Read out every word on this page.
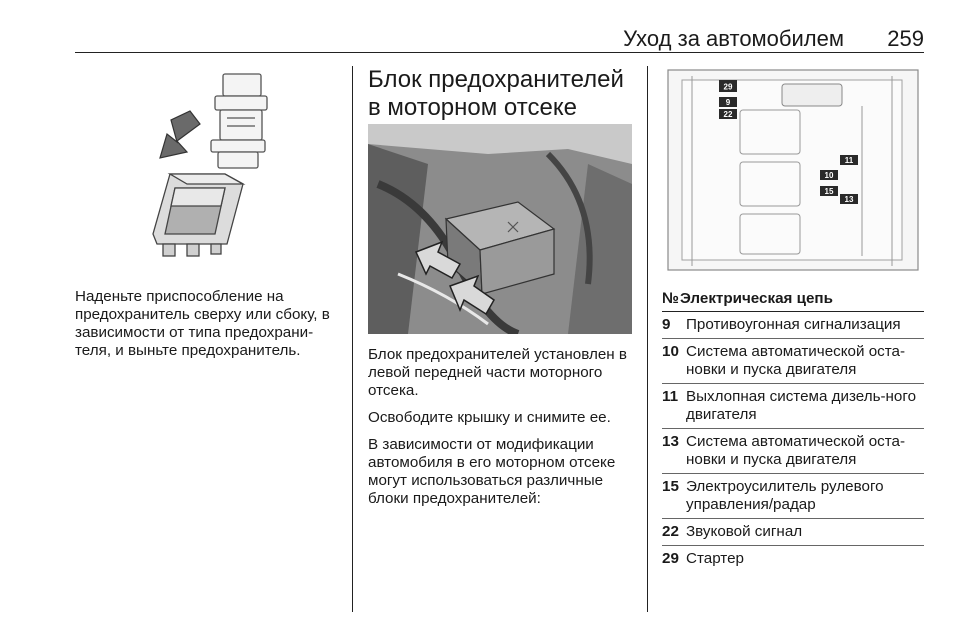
Уход за автомобилем 259

Наденьте приспособление на предохранитель сверху или сбоку, в зависимости от типа предохрани-теля, и выньте предохранитель.

Блок предохранителей в моторном отсеке

Блок предохранителей установлен в левой передней части моторного отсека.

Освободите крышку и снимите ее.

В зависимости от модификации автомобиля в его моторном отсеке могут использоваться различные блоки предохранителей:

29
9
22
11
10
15
13
№ Электрическая цепь
9 Противоугонная сигнализация
10 Система автоматической оста-новки и пуска двигателя
11 Выхлопная система дизель-ного двигателя
13 Система автоматической оста-новки и пуска двигателя
15 Электроусилитель рулевого управления/радар
22 Звуковой сигнал
29 Стартер
